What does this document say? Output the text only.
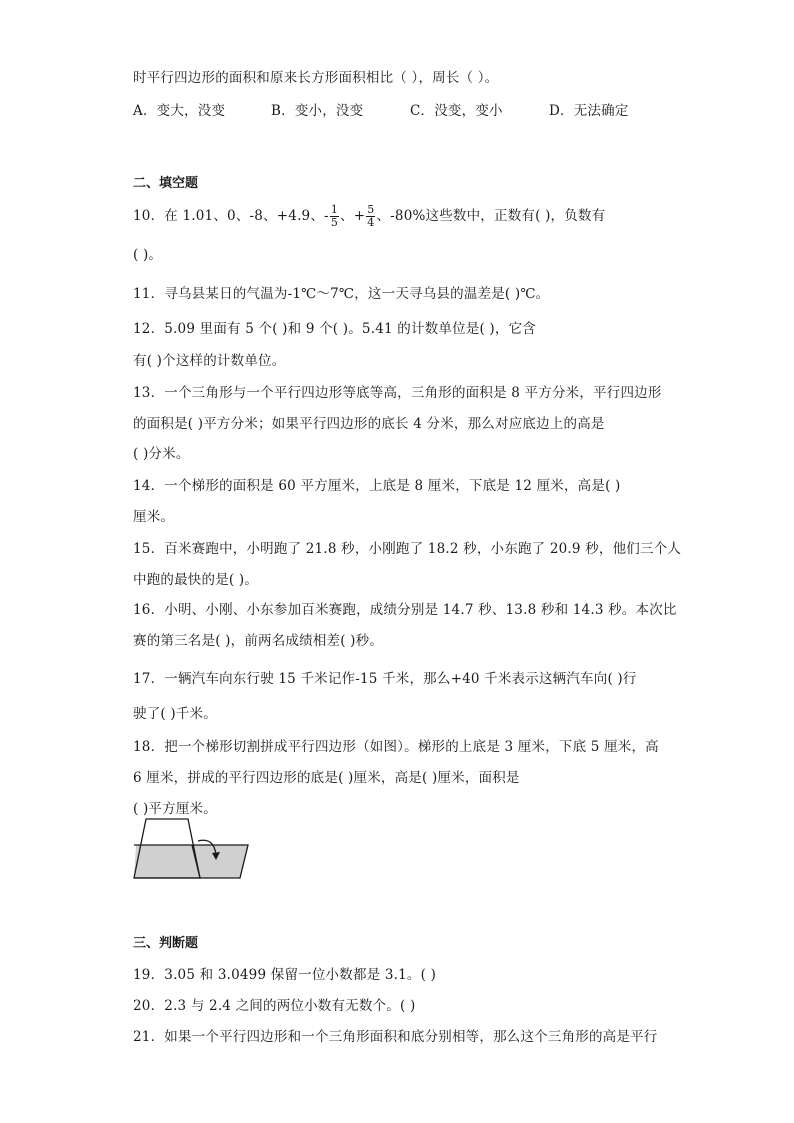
时平行四边形的面积和原来长方形面积相比（ ），周长（ ）。
A．变大，没变	B．变小，没变	C．没变，变小	D．无法确定
二、填空题
10．在 1.01、0、-8、+4.9、- $\frac{1}{5}$ 、+ $\frac{5}{4}$ 、-80%这些数中，正数有( )，负数有
( )。
11．寻乌县某日的气温为-1℃～7℃，这一天寻乌县的温差是( )℃。
12．5.09 里面有 5 个( )和 9 个( )。5.41 的计数单位是( )，它含
有( )个这样的计数单位。
13．一个三角形与一个平行四边形等底等高，三角形的面积是 8 平方分米，平行四边形
的面积是( )平方分米；如果平行四边形的底长 4 分米，那么对应底边上的高是
( )分米。
14．一个梯形的面积是 60 平方厘米，上底是 8 厘米，下底是 12 厘米，高是( )
厘米。
15．百米赛跑中，小明跑了 21.8 秒，小刚跑了 18.2 秒，小东跑了 20.9 秒，他们三个人
中跑的最快的是( )。
16．小明、小刚、小东参加百米赛跑，成绩分别是 14.7 秒、13.8 秒和 14.3 秒。本次比
赛的第三名是( )，前两名成绩相差( )秒。
17．一辆汽车向东行驶 15 千米记作-15 千米，那么+40 千米表示这辆汽车向( )行
驶了( )千米。
18．把一个梯形切割拼成平行四边形（如图）。梯形的上底是 3 厘米，下底 5 厘米，高
6 厘米，拼成的平行四边形的底是( )厘米，高是( )厘米，面积是
( )平方厘米。
三、判断题
19．3.05 和 3.0499 保留一位小数都是 3.1。( )
20．2.3 与 2.4 之间的两位小数有无数个。( )
21．如果一个平行四边形和一个三角形面积和底分别相等，那么这个三角形的高是平行
